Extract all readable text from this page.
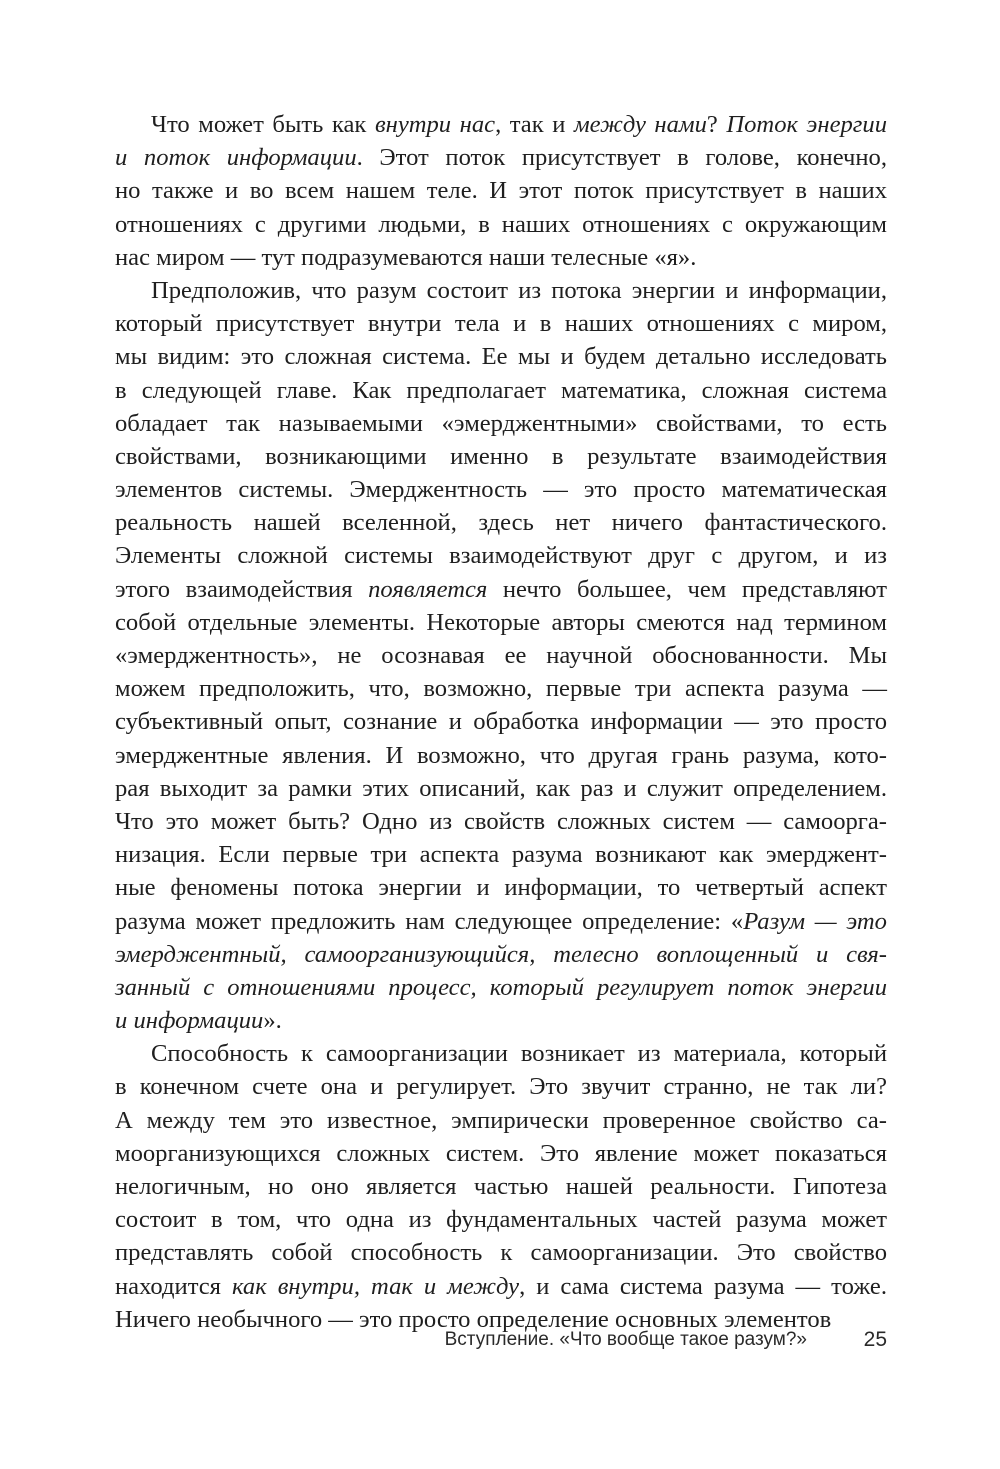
Что может быть как внутри нас, так и между нами? Поток энергии
и поток информации. Этот поток присутствует в голове, конечно,
но также и во всем нашем теле. И этот поток присутствует в наших
отношениях с другими людьми, в наших отношениях с окружающим
нас миром — тут подразумеваются наши телесные «я».
Предположив, что разум состоит из потока энергии и информации,
который присутствует внутри тела и в наших отношениях с миром,
мы видим: это сложная система. Ее мы и будем детально исследовать
в следующей главе. Как предполагает математика, сложная система
обладает так называемыми «эмерджентными» свойствами, то есть
свойствами, возникающими именно в результате взаимодействия
элементов системы. Эмерджентность — это просто математическая
реальность нашей вселенной, здесь нет ничего фантастического.
Элементы сложной системы взаимодействуют друг с другом, и из
этого взаимодействия появляется нечто большее, чем представляют
собой отдельные элементы. Некоторые авторы смеются над термином
«эмерджентность», не осознавая ее научной обоснованности. Мы
можем предположить, что, возможно, первые три аспекта разума —
субъективный опыт, сознание и обработка информации — это просто
эмерджентные явления. И возможно, что другая грань разума, кото-
рая выходит за рамки этих описаний, как раз и служит определением.
Что это может быть? Одно из свойств сложных систем — самоорга-
низация. Если первые три аспекта разума возникают как эмерджент-
ные феномены потока энергии и информации, то четвертый аспект
разума может предложить нам следующее определение: «Разум — это
эмерджентный, самоорганизующийся, телесно воплощенный и свя-
занный с отношениями процесс, который регулирует поток энергии
и информации».
Способность к самоорганизации возникает из материала, который
в конечном счете она и регулирует. Это звучит странно, не так ли?
А между тем это известное, эмпирически проверенное свойство са-
моорганизующихся сложных систем. Это явление может показаться
нелогичным, но оно является частью нашей реальности. Гипотеза
состоит в том, что одна из фундаментальных частей разума может
представлять собой способность к самоорганизации. Это свойство
находится как внутри, так и между, и сама система разума — тоже.
Ничего необычного — это просто определение основных элементов
Вступление. «Что вообще такое разум?»	25
